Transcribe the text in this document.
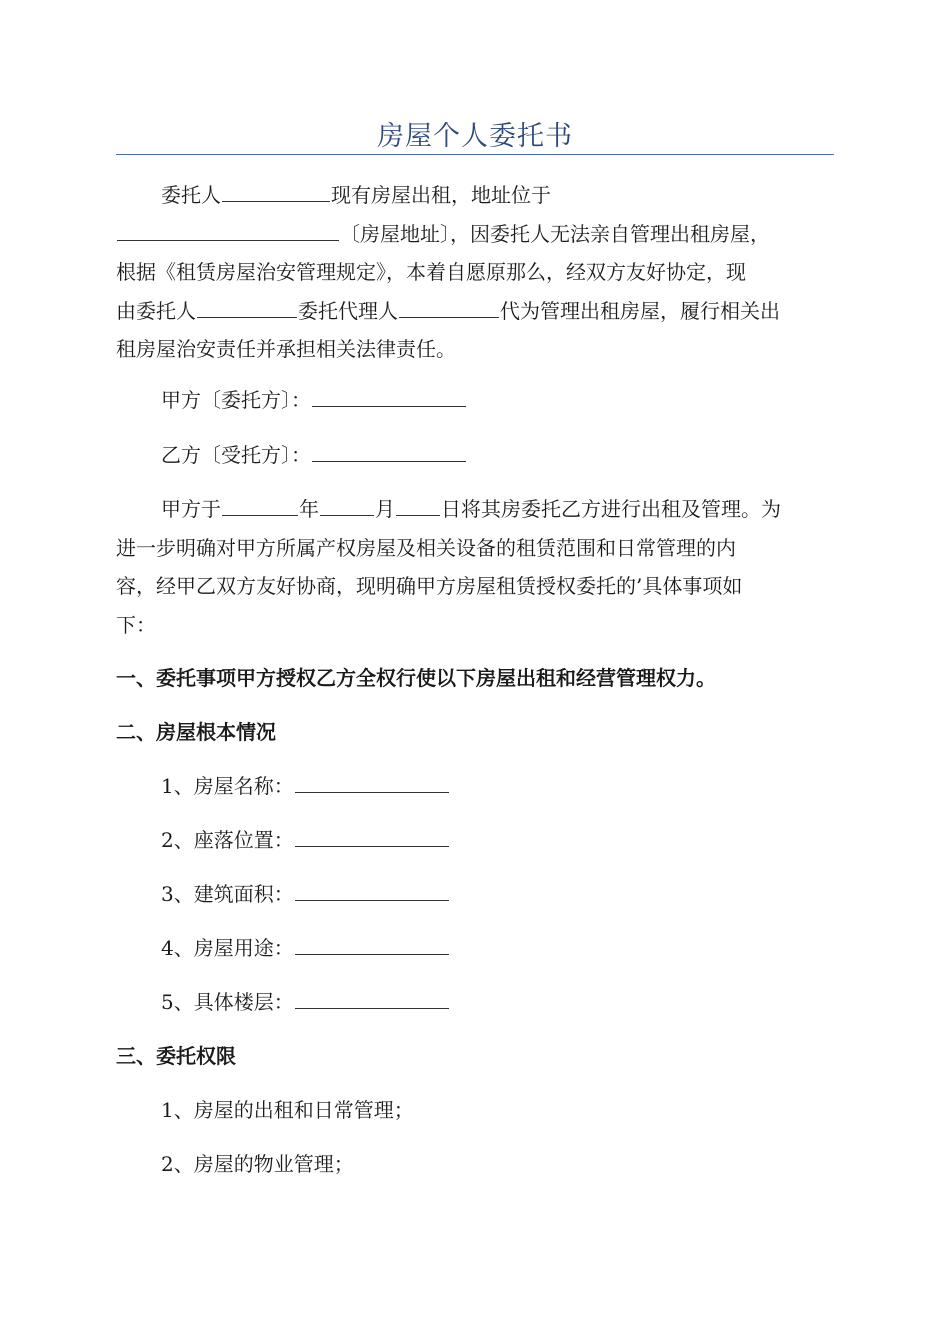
房屋个人委托书
委托人	现有房屋出租，地址位于
〔房屋地址〕，因委托人无法亲自管理出租房屋，
根据《租赁房屋治安管理规定》，本着自愿原那么，经双方友好协定，现
由委托人	委托代理人	代为管理出租房屋，履行相关出
租房屋治安责任并承担相关法律责任。
甲方〔委托方〕：
乙方〔受托方〕：
甲方于	年	月 日将其房委托乙方进行出租及管理。为
进一步明确对甲方所属产权房屋及相关设备的租赁范围和日常管理的内
容，经甲乙双方友好协商，现明确甲方房屋租赁授权委托的’具体事项如
下：
一、委托事项甲方授权乙方全权行使以下房屋出租和经营管理权力。
二、房屋根本情况
1、房屋名称：
2、座落位置：
3、建筑面积：
4、房屋用途：
5、具体楼层：
三、委托权限
1、房屋的出租和日常管理；
2、房屋的物业管理；
